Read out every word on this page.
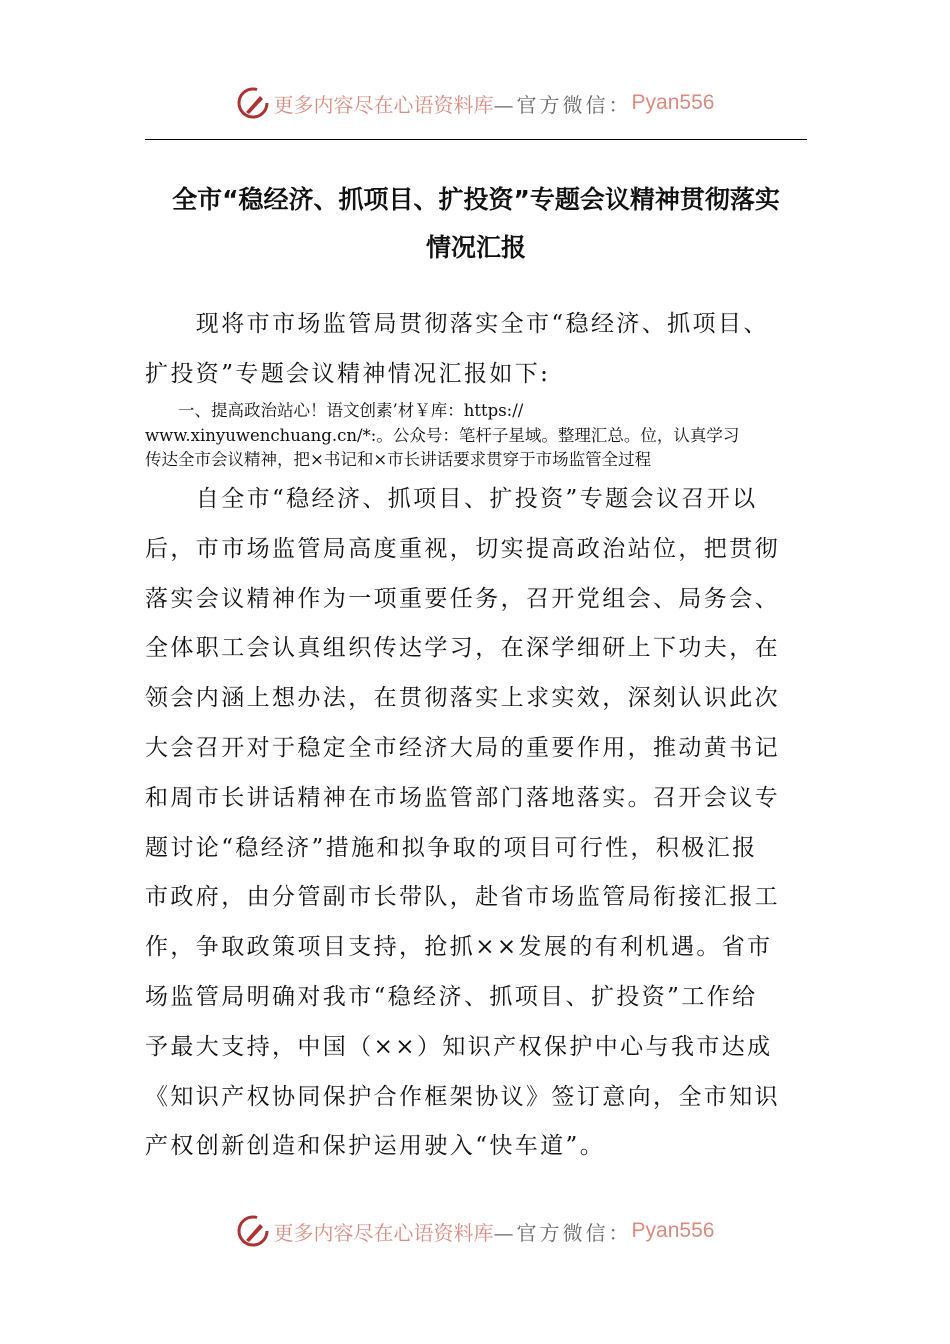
更多内容尽在心语资料库 —官方微信： Pyan556
全市“稳经济、抓项目、扩投资”专题会议精神贯彻落实
情况汇报
　　现将市市场监管局贯彻落实全市“稳经济、抓项目、
扩投资”专题会议精神情况汇报如下:
　　一、提高政治站心！语文创素’材￥库：https://
www.xinyuwenchuang.cn/*:。公众号：笔杆子星域。整理汇总。位，认真学习
传达全市会议精神，把×书记和×市长讲话要求贯穿于市场监管全过程
　　自全市“稳经济、抓项目、扩投资”专题会议召开以
后，市市场监管局高度重视，切实提高政治站位，把贯彻
落实会议精神作为一项重要任务，召开党组会、局务会、
全体职工会认真组织传达学习，在深学细研上下功夫，在
领会内涵上想办法，在贯彻落实上求实效，深刻认识此次
大会召开对于稳定全市经济大局的重要作用，推动黄书记
和周市长讲话精神在市场监管部门落地落实。召开会议专
题讨论“稳经济”措施和拟争取的项目可行性，积极汇报
市政府，由分管副市长带队，赴省市场监管局衔接汇报工
作，争取政策项目支持，抢抓××发展的有利机遇。省市
场监管局明确对我市“稳经济、抓项目、扩投资”工作给
予最大支持，中国（××）知识产权保护中心与我市达成
《知识产权协同保护合作框架协议》签订意向，全市知识
产权创新创造和保护运用驶入“快车道”。
更多内容尽在心语资料库 —官方微信： Pyan556
